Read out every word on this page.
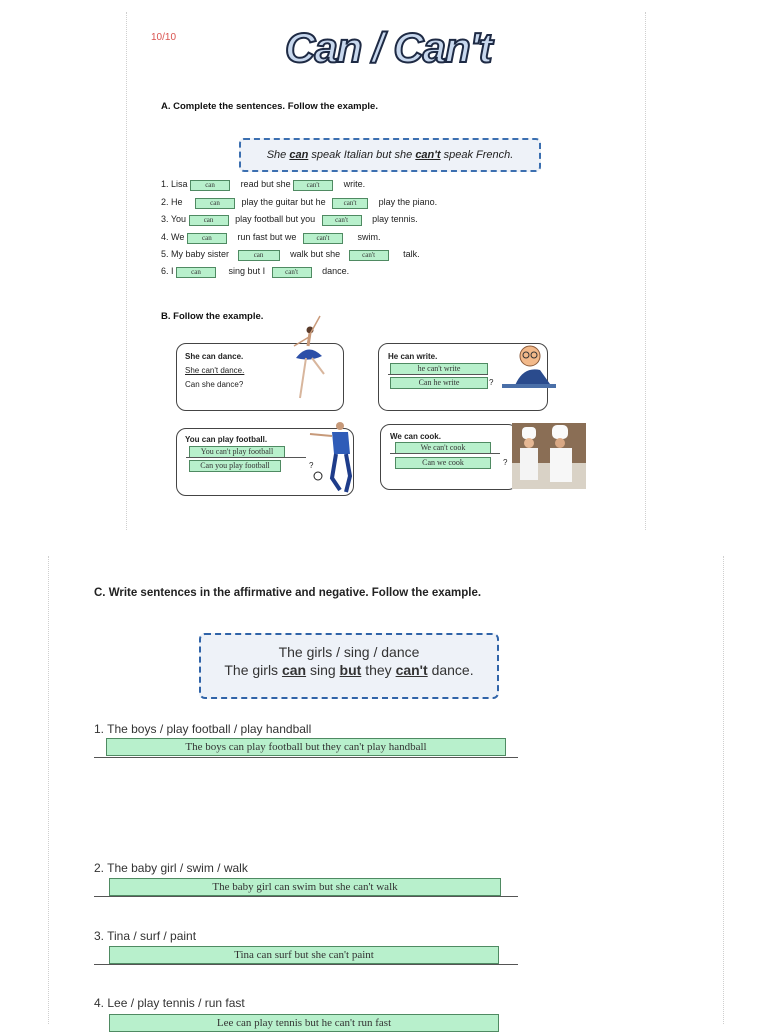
10/10	Can / Can't
A. Complete the sentences. Follow the example.
She can speak Italian but she can't speak French.
1. Lisa	can	read but she can't	write.
2. He	can play the guitar but he	can't play the piano.
3. You	can play football but you	can't	play tennis.
4. We	can	run fast but we	can't	swim.
5. My baby sister	can	walk but she	can't	talk.
6. I	can	sing but I	can't	dance.
B. Follow the example.
She can dance.
She can't dance.
Can she dance?
He can write.
he can't write
Can he write	?
You can play football.
You can't play football
Can you play football	?
We can cook.
We can't cook
Can we cook	?
C. Write sentences in the affirmative and negative. Follow the example.
The girls / sing / dance
The girls can sing but they can't dance.
1. The boys / play football / play handball
The boys can play football but they can't play handball
2. The baby girl / swim / walk
The baby girl can swim but she can't walk
3. Tina / surf / paint
Tina can surf but she can't paint
4. Lee / play tennis / run fast
Lee can play tennis but he can't run fast
